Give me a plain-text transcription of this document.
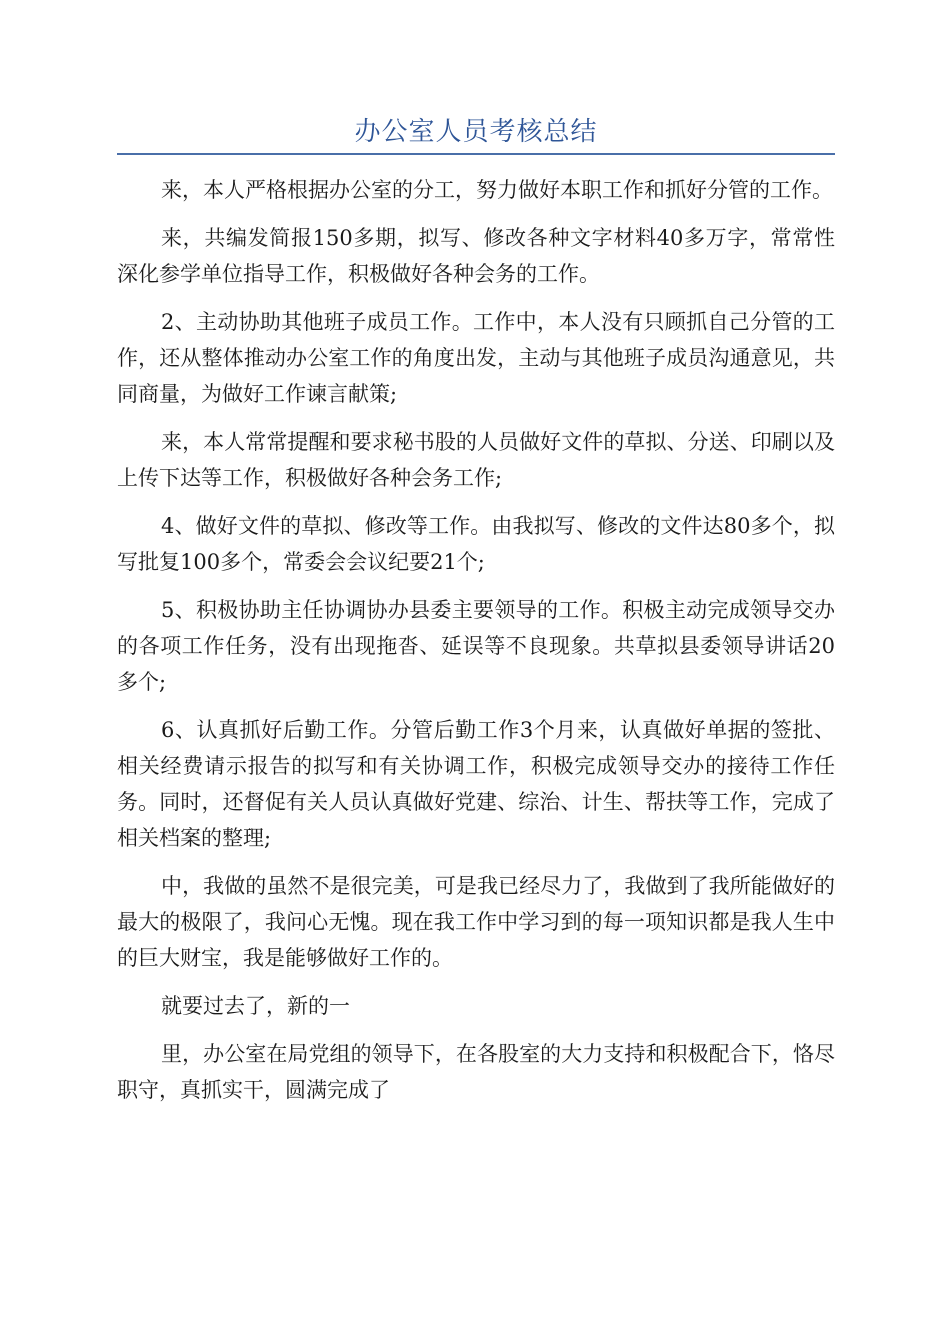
办公室人员考核总结

来，本人严格根据办公室的分工，努力做好本职工作和抓好分管的工作。

来，共编发简报150多期，拟写、修改各种文字材料40多万字，常常性深化参学单位指导工作，积极做好各种会务的工作。

2、主动协助其他班子成员工作。工作中，本人没有只顾抓自己分管的工作，还从整体推动办公室工作的角度出发，主动与其他班子成员沟通意见，共同商量，为做好工作谏言献策;

来，本人常常提醒和要求秘书股的人员做好文件的草拟、分送、印刷以及上传下达等工作，积极做好各种会务工作;

4、做好文件的草拟、修改等工作。由我拟写、修改的文件达80多个，拟写批复100多个，常委会会议纪要21个;

5、积极协助主任协调协办县委主要领导的工作。积极主动完成领导交办的各项工作任务，没有出现拖沓、延误等不良现象。共草拟县委领导讲话20多个;

6、认真抓好后勤工作。分管后勤工作3个月来，认真做好单据的签批、相关经费请示报告的拟写和有关协调工作，积极完成领导交办的接待工作任务。同时，还督促有关人员认真做好党建、综治、计生、帮扶等工作，完成了相关档案的整理;

中，我做的虽然不是很完美，可是我已经尽力了，我做到了我所能做好的最大的极限了，我问心无愧。现在我工作中学习到的每一项知识都是我人生中的巨大财宝，我是能够做好工作的。

就要过去了，新的一

里，办公室在局党组的领导下，在各股室的大力支持和积极配合下，恪尽职守，真抓实干，圆满完成了
